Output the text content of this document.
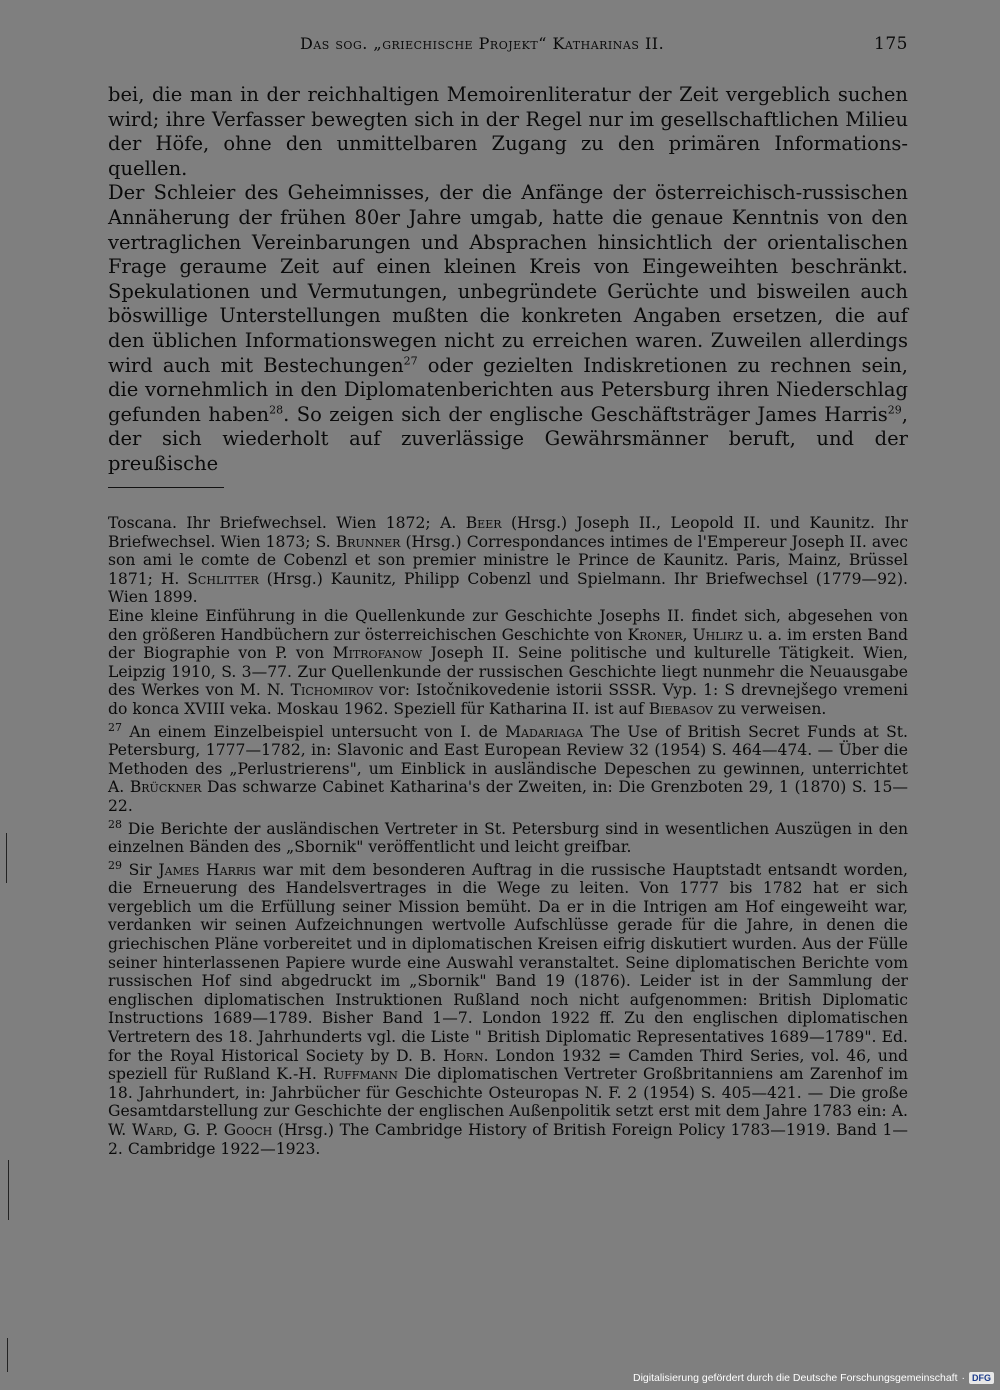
Das sog. „griechische Projekt“ Katharinas II.	175

bei, die man in der reichhaltigen Memoirenliteratur der Zeit vergeblich suchen wird; ihre Verfasser bewegten sich in der Regel nur im gesellschaftlichen Milieu der Höfe, ohne den unmittelbaren Zugang zu den primären Informations-quellen.

Der Schleier des Geheimnisses, der die Anfänge der österreichisch-russischen Annäherung der frühen 80er Jahre umgab, hatte die genaue Kenntnis von den vertraglichen Vereinbarungen und Absprachen hinsichtlich der orientalischen Frage geraume Zeit auf einen kleinen Kreis von Eingeweihten beschränkt. Spekulationen und Vermutungen, unbegründete Gerüchte und bisweilen auch böswillige Unterstellungen mußten die konkreten Angaben ersetzen, die auf den üblichen Informationswegen nicht zu erreichen waren. Zuweilen allerdings wird auch mit Bestechungen$^{27}$ oder gezielten Indiskretionen zu rechnen sein, die vornehmlich in den Diplomatenberichten aus Petersburg ihren Niederschlag gefunden haben$^{28}$. So zeigen sich der englische Geschäftsträger James Harris$^{29}$, der sich wiederholt auf zuverlässige Gewährsmänner beruft, und der preußische

Toscana. Ihr Briefwechsel. Wien 1872; A. Beer (Hrsg.) Joseph II., Leopold II. und Kaunitz. Ihr Briefwechsel. Wien 1873; S. Brunner (Hrsg.) Correspondances intimes de l'Empereur Joseph II. avec son ami le comte de Cobenzl et son premier ministre le Prince de Kaunitz. Paris, Mainz, Brüssel 1871; H. Schlitter (Hrsg.) Kaunitz, Philipp Cobenzl und Spielmann. Ihr Briefwechsel (1779—92). Wien 1899.

Eine kleine Einführung in die Quellenkunde zur Geschichte Josephs II. findet sich, abgesehen von den größeren Handbüchern zur österreichischen Geschichte von Kroner, Uhlirz u. a. im ersten Band der Biographie von P. von Mitrofanow Joseph II. Seine politische und kulturelle Tätigkeit. Wien, Leipzig 1910, S. 3—77. Zur Quellenkunde der russischen Geschichte liegt nunmehr die Neuausgabe des Werkes von M. N. Tichomirov vor: Istočnikovedenie istorii SSSR. Vyp. 1: S drevnejšego vremeni do konca XVIII veka. Moskau 1962. Speziell für Katharina II. ist auf Biebasov zu verweisen.

$^{27}$ An einem Einzelbeispiel untersucht von I. de Madariaga The Use of British Secret Funds at St. Petersburg, 1777—1782, in: Slavonic and East European Review 32 (1954) S. 464—474. — Über die Methoden des „Perlustrierens", um Einblick in ausländische Depeschen zu gewinnen, unterrichtet A. Brückner Das schwarze Cabinet Katharina's der Zweiten, in: Die Grenzboten 29, 1 (1870) S. 15—22.

$^{28}$ Die Berichte der ausländischen Vertreter in St. Petersburg sind in wesentlichen Auszügen in den einzelnen Bänden des „Sbornik" veröffentlicht und leicht greifbar.

$^{29}$ Sir James Harris war mit dem besonderen Auftrag in die russische Hauptstadt entsandt worden, die Erneuerung des Handelsvertrages in die Wege zu leiten. Von 1777 bis 1782 hat er sich vergeblich um die Erfüllung seiner Mission bemüht. Da er in die Intrigen am Hof eingeweiht war, verdanken wir seinen Aufzeichnungen wertvolle Aufschlüsse gerade für die Jahre, in denen die griechischen Pläne vorbereitet und in diplomatischen Kreisen eifrig diskutiert wurden. Aus der Fülle seiner hinterlassenen Papiere wurde eine Auswahl veranstaltet. Seine diplomatischen Berichte vom russischen Hof sind abgedruckt im „Sbornik" Band 19 (1876). Leider ist in der Sammlung der englischen diplomatischen Instruktionen Rußland noch nicht aufgenommen: British Diplomatic Instructions 1689—1789. Bisher Band 1—7. London 1922 ff. Zu den englischen diplomatischen Vertretern des 18. Jahrhunderts vgl. die Liste " British Diplomatic Representatives 1689—1789". Ed. for the Royal Historical Society by D. B. Horn. London 1932 = Camden Third Series, vol. 46, und speziell für Rußland K.-H. Ruffmann Die diplomatischen Vertreter Großbritanniens am Zarenhof im 18. Jahrhundert, in: Jahrbücher für Geschichte Osteuropas N. F. 2 (1954) S. 405—421. — Die große Gesamtdarstellung zur Geschichte der englischen Außenpolitik setzt erst mit dem Jahre 1783 ein: A. W. Ward, G. P. Gooch (Hrsg.) The Cambridge History of British Foreign Policy 1783—1919. Band 1—2. Cambridge 1922—1923.

Digitalisierung gefördert durch die Deutsche Forschungsgemeinschaft · DFG
